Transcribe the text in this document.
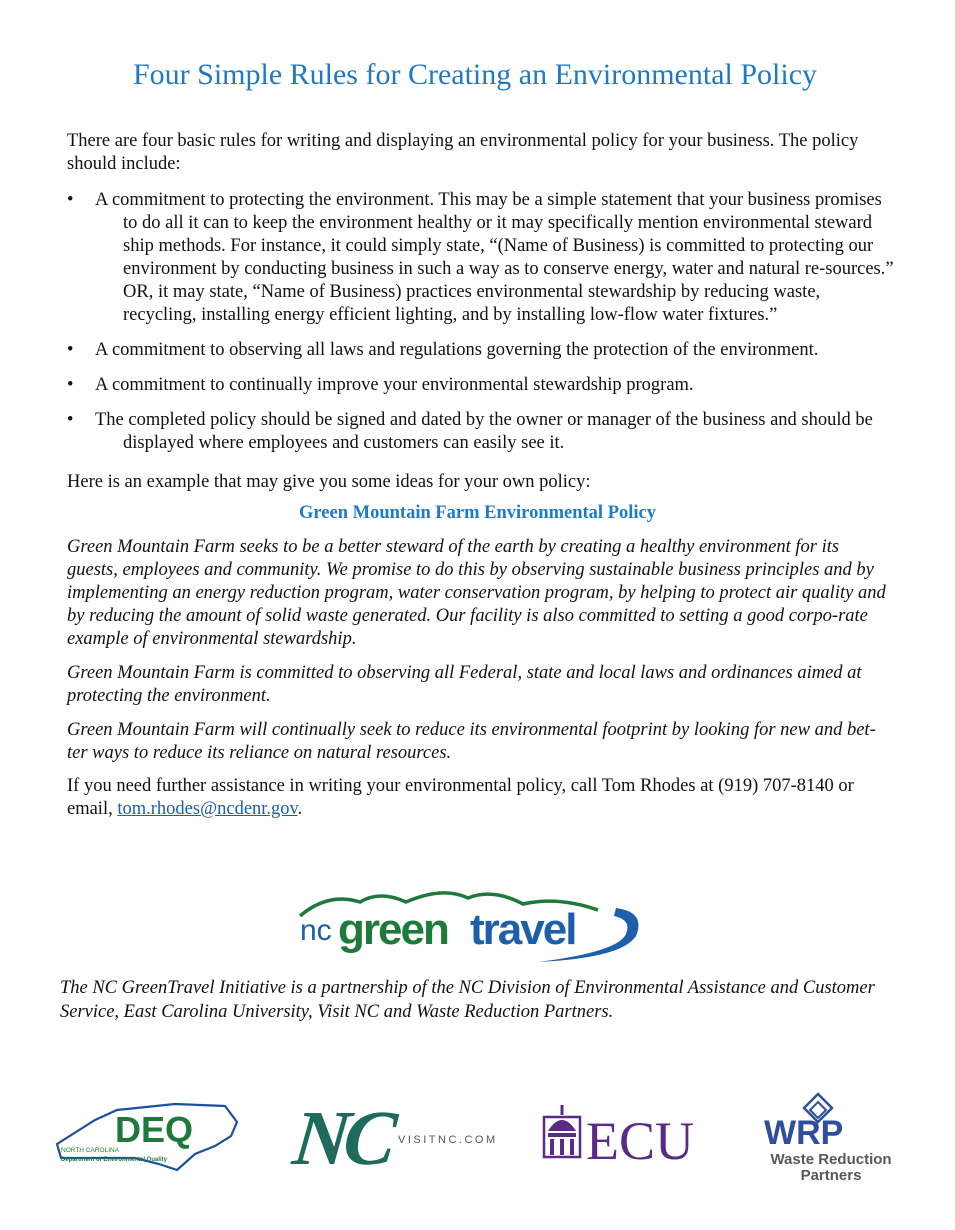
Four Simple Rules for Creating an Environmental Policy

There are four basic rules for writing and displaying an environmental policy for your business. The policy should include:

• A commitment to protecting the environment. This may be a simple statement that your business promises to do all it can to keep the environment healthy or it may specifically mention environmental steward ship methods. For instance, it could simply state, “(Name of Business) is committed to protecting our environment by conducting business in such a way as to conserve energy, water and natural re-sources.” OR, it may state, “Name of Business) practices environmental stewardship by reducing waste, recycling, installing energy efficient lighting, and by installing low-flow water fixtures.”
• A commitment to observing all laws and regulations governing the protection of the environment.
• A commitment to continually improve your environmental stewardship program.
• The completed policy should be signed and dated by the owner or manager of the business and should be displayed where employees and customers can easily see it.

Here is an example that may give you some ideas for your own policy:

Green Mountain Farm Environmental Policy

Green Mountain Farm seeks to be a better steward of the earth by creating a healthy environment for its guests, employees and community. We promise to do this by observing sustainable business principles and by implementing an energy reduction program, water conservation program, by helping to protect air quality and by reducing the amount of solid waste generated. Our facility is also committed to setting a good corpo-rate example of environmental stewardship.

Green Mountain Farm is committed to observing all Federal, state and local laws and ordinances aimed at protecting the environment.

Green Mountain Farm will continually seek to reduce its environmental footprint by looking for new and bet-ter ways to reduce its reliance on natural resources.

If you need further assistance in writing your environmental policy, call Tom Rhodes at (919) 707-8140 or email, tom.rhodes@ncdenr.gov.

nc green travel

The NC GreenTravel Initiative is a partnership of the NC Division of Environmental Assistance and Customer Service, East Carolina University, Visit NC and Waste Reduction Partners.

DEQ
NORTH CAROLINA
Department of Environmental Quality NC VISITNC.COM ECU WRP
Waste Reduction
Partners
